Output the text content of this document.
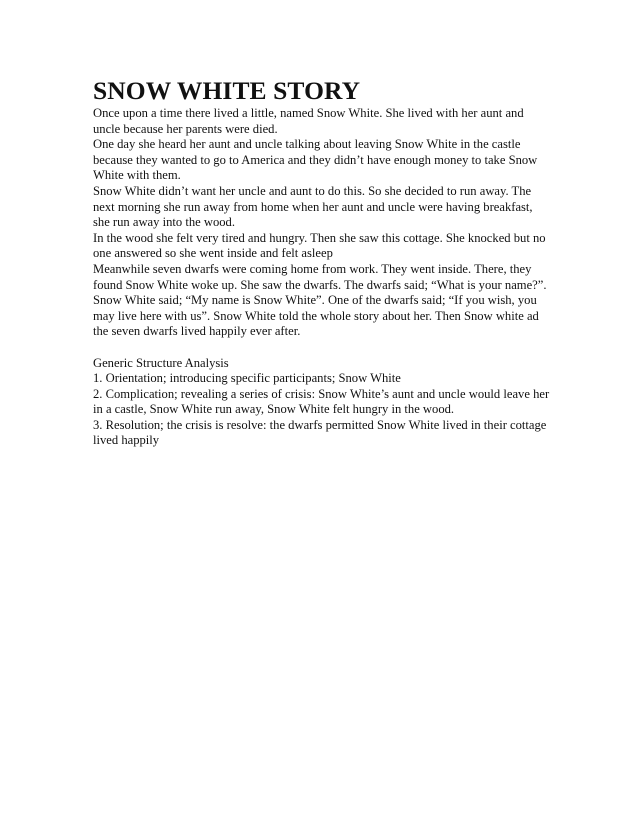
SNOW WHITE STORY

Once upon a time there lived a little, named Snow White. She lived with her aunt and uncle because her parents were died.

One day she heard her aunt and uncle talking about leaving Snow White in the castle because they wanted to go to America and they didn’t have enough money to take Snow White with them.

Snow White didn’t want her uncle and aunt to do this. So she decided to run away. The next morning she run away from home when her aunt and uncle were having breakfast, she run away into the wood.

In the wood she felt very tired and hungry. Then she saw this cottage. She knocked but no one answered so she went inside and felt asleep

Meanwhile seven dwarfs were coming home from work. They went inside. There, they found Snow White woke up. She saw the dwarfs. The dwarfs said; “What is your name?”. Snow White said; “My name is Snow White”. One of the dwarfs said; “If you wish, you may live here with us”. Snow White told the whole story about her. Then Snow white ad the seven dwarfs lived happily ever after.

Generic Structure Analysis

1. Orientation; introducing specific participants; Snow White

2. Complication; revealing a series of crisis: Snow White’s aunt and uncle would leave her in a castle, Snow White run away, Snow White felt hungry in the wood.

3. Resolution; the crisis is resolve: the dwarfs permitted Snow White lived in their cottage lived happily
